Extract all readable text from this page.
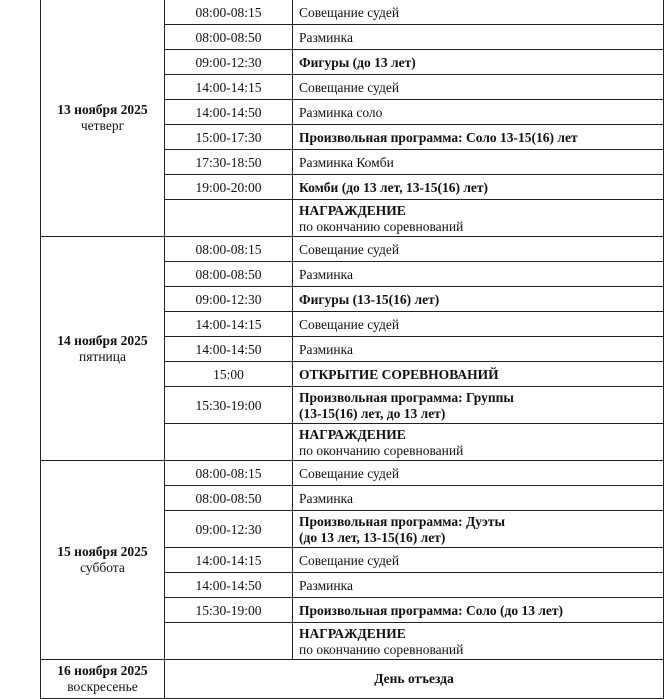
13 ноября 2025
четверг	08:00-08:15	Совещание судей

	08:00-08:50	Разминка

	09:00-12:30	Фигуры (до 13 лет)

	14:00-14:15	Совещание судей

	14:00-14:50	Разминка соло

	15:00-17:30	Произвольная программа: Соло 13-15(16) лет

	17:30-18:50	Разминка Комби

	19:00-20:00	Комби (до 13 лет, 13-15(16) лет)

		НАГРАЖДЕНИЕ
по окончанию соревнований

14 ноября 2025
пятница	08:00-08:15	Совещание судей

	08:00-08:50	Разминка

	09:00-12:30	Фигуры (13-15(16) лет)

	14:00-14:15	Совещание судей

	14:00-14:50	Разминка

	15:00	ОТКРЫТИЕ СОРЕВНОВАНИЙ

	15:30-19:00	Произвольная программа: Группы
(13-15(16) лет, до 13 лет)

		НАГРАЖДЕНИЕ
по окончанию соревнований

15 ноября 2025
суббота	08:00-08:15	Совещание судей

	08:00-08:50	Разминка

	09:00-12:30	Произвольная программа: Дуэты
(до 13 лет, 13-15(16) лет)

	14:00-14:15	Совещание судей

	14:00-14:50	Разминка

	15:30-19:00	Произвольная программа: Соло (до 13 лет)

		НАГРАЖДЕНИЕ
по окончанию соревнований

16 ноября 2025
воскресенье	День отъезда	
